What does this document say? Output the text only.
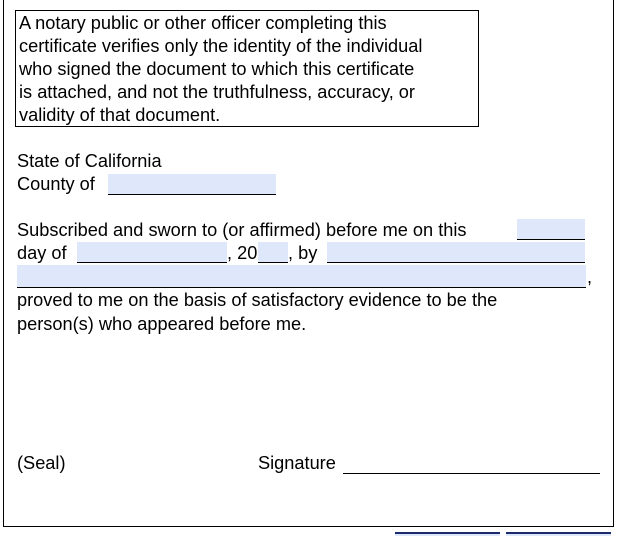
A notary public or other officer completing this
certificate verifies only the identity of the individual
who signed the document to which this certificate
is attached, and not the truthfulness, accuracy, or
validity of that document.
State of California
County of
Subscribed and sworn to (or affirmed) before me on this
day of	, 20 , by
,
proved to me on the basis of satisfactory evidence to be the
person(s) who appeared before me.
(Seal)	Signature
